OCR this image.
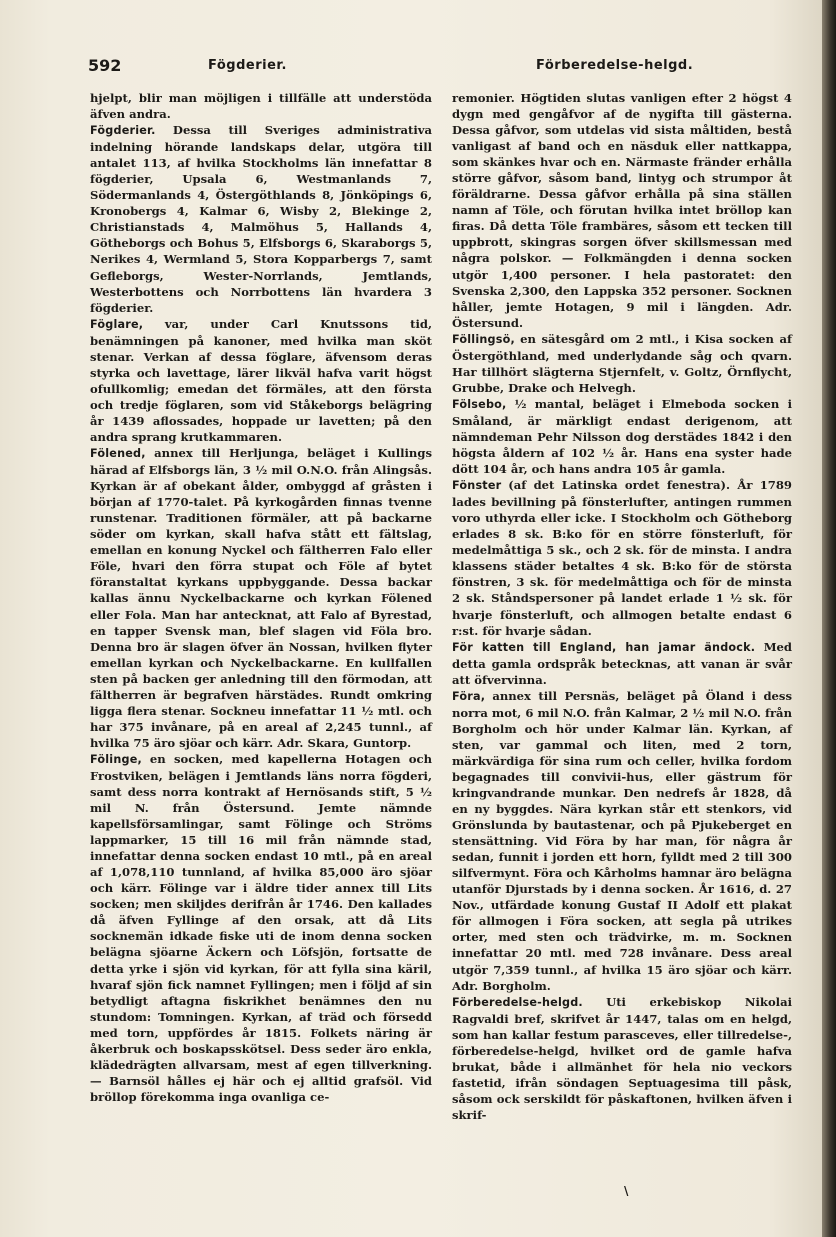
592	Fögderier.	Förberedelse-helgd.

hjelpt, blir man möjligen i tillfälle att understöda äfven andra.

Fögderier. Dessa till Sveriges administrativa indelning hörande landskaps delar, utgöra till antalet 113, af hvilka Stockholms län innefattar 8 fögderier, Upsala 6, Westmanlands 7, Södermanlands 4, Östergöthlands 8, Jönköpings 6, Kronobergs 4, Kalmar 6, Wisby 2, Blekinge 2, Christianstads 4, Malmöhus 5, Hallands 4, Götheborgs och Bohus 5, Elfsborgs 6, Skaraborgs 5, Nerikes 4, Wermland 5, Stora Kopparbergs 7, samt Gefleborgs, Wester-Norrlands, Jemtlands, Westerbottens och Norrbottens län hvardera 3 fögderier.

Föglare, var, under Carl Knutssons tid, benämningen på kanoner, med hvilka man sköt stenar. Verkan af dessa föglare, äfvensom deras styrka och lavettage, lärer likväl hafva varit högst ofullkomlig; emedan det förmäles, att den första och tredje föglaren, som vid Ståkeborgs belägring år 1439 aflossades, hoppade ur lavetten; på den andra sprang krutkammaren.

Fölened, annex till Herljunga, beläget i Kullings härad af Elfsborgs län, 3 ½ mil O.N.O. från Alingsås. Kyrkan är af obekant ålder, ombyggd af gråsten i början af 1770-talet. På kyrkogården finnas tvenne runstenar. Traditionen förmäler, att på backarne söder om kyrkan, skall hafva stått ett fältslag, emellan en konung Nyckel och fältherren Falo eller Föle, hvari den förra stupat och Föle af bytet föranstaltat kyrkans uppbyggande. Dessa backar kallas ännu Nyckelbackarne och kyrkan Fölened eller Fola. Man har antecknat, att Falo af Byrestad, en tapper Svensk man, blef slagen vid Föla bro. Denna bro är slagen öfver än Nossan, hvilken flyter emellan kyrkan och Nyckelbackarne. En kullfallen sten på backen ger anledning till den förmodan, att fältherren är begrafven härstädes. Rundt omkring ligga flera stenar. Sockneu innefattar 11 ½ mtl. och har 375 invånare, på en areal af 2,245 tunnl., af hvilka 75 äro sjöar och kärr. Adr. Skara, Guntorp.

Fölinge, en socken, med kapellerna Hotagen och Frostviken, belägen i Jemtlands läns norra fögderi, samt dess norra kontrakt af Hernösands stift, 5 ½ mil N. från Östersund. Jemte nämnde kapellsförsamlingar, samt Fölinge och Ströms lappmarker, 15 till 16 mil från nämnde stad, innefattar denna socken endast 10 mtl., på en areal af 1,078,110 tunnland, af hvilka 85,000 äro sjöar och kärr. Fölinge var i äldre tider annex till Lits socken; men skiljdes derifrån år 1746. Den kallades då äfven Fyllinge af den orsak, att då Lits socknemän idkade fiske uti de inom denna socken belägna sjöarne Äckern och Löfsjön, fortsatte de detta yrke i sjön vid kyrkan, för att fylla sina käril, hvaraf sjön fick namnet Fyllingen; men i följd af sin betydligt aftagna fiskrikhet benämnes den nu stundom: Tomningen. Kyrkan, af träd och försedd med torn, uppfördes år 1815. Folkets näring är åkerbruk och boskapsskötsel. Dess seder äro enkla, klädedrägten allvarsam, mest af egen tillverkning. — Barnsöl hålles ej här och ej alltid grafsöl. Vid bröllop förekomma inga ovanliga ce-

remonier. Högtiden slutas vanligen efter 2 högst 4 dygn med gengåfvor af de nygifta till gästerna. Dessa gåfvor, som utdelas vid sista måltiden, bestå vanligast af band och en näsduk eller nattkappa, som skänkes hvar och en. Närmaste fränder erhålla större gåfvor, såsom band, lintyg och strumpor åt föräldrarne. Dessa gåfvor erhålla på sina ställen namn af Töle, och förutan hvilka intet bröllop kan firas. Då detta Töle frambäres, såsom ett tecken till uppbrott, skingras sorgen öfver skillsmessan med några polskor. — Folkmängden i denna socken utgör 1,400 personer. I hela pastoratet: den Svenska 2,300, den Lappska 352 personer. Socknen håller, jemte Hotagen, 9 mil i längden. Adr. Östersund.

Föllingsö, en sätesgård om 2 mtl., i Kisa socken af Östergöthland, med underlydande såg och qvarn. Har tillhört slägterna Stjernfelt, v. Goltz, Örnflycht, Grubbe, Drake och Helvegh.

Fölsebo, ½ mantal, beläget i Elmeboda socken i Småland, är märkligt endast derigenom, att nämndeman Pehr Nilsson dog derstädes 1842 i den högsta åldern af 102 ½ år. Hans ena syster hade dött 104 år, och hans andra 105 år gamla.

Fönster (af det Latinska ordet fenestra). År 1789 lades bevillning på fönsterlufter, antingen rummen voro uthyrda eller icke. I Stockholm och Götheborg erlades 8 sk. B:ko för en större fönsterluft, för medelmåttiga 5 sk., och 2 sk. för de minsta. I andra klassens städer betaltes 4 sk. B:ko för de största fönstren, 3 sk. för medelmåttiga och för de minsta 2 sk. Ståndspersoner på landet erlade 1 ½ sk. för hvarje fönsterluft, och allmogen betalte endast 6 r:st. för hvarje sådan.

För katten till England, han jamar ändock. Med detta gamla ordspråk betecknas, att vanan är svår att öfvervinna.

Föra, annex till Persnäs, beläget på Öland i dess norra mot, 6 mil N.O. från Kalmar, 2 ½ mil N.O. från Borgholm och hör under Kalmar län. Kyrkan, af sten, var gammal och liten, med 2 torn, märkvärdiga för sina rum och celler, hvilka fordom begagnades till convivii-hus, eller gästrum för kringvandrande munkar. Den nedrefs år 1828, då en ny byggdes. Nära kyrkan står ett stenkors, vid Grönslunda by bautastenar, och på Pjukeberget en stensättning. Vid Föra by har man, för några år sedan, funnit i jorden ett horn, fylldt med 2 till 300 silfvermynt. Föra och Kårholms hamnar äro belägna utanför Djurstads by i denna socken. År 1616, d. 27 Nov., utfärdade konung Gustaf II Adolf ett plakat för allmogen i Föra socken, att segla på utrikes orter, med sten och trädvirke, m. m. Socknen innefattar 20 mtl. med 728 invånare. Dess areal utgör 7,359 tunnl., af hvilka 15 äro sjöar och kärr. Adr. Borgholm.

Förberedelse-helgd. Uti erkebiskop Nikolai Ragvaldi bref, skrifvet år 1447, talas om en helgd, som han kallar festum parasceves, eller tillredelse-, förberedelse-helgd, hvilket ord de gamle hafva brukat, både i allmänhet för hela nio veckors fastetid, ifrån söndagen Septuagesima till påsk, såsom ock serskildt för påskaftonen, hvilken äfven i skrif-

\
